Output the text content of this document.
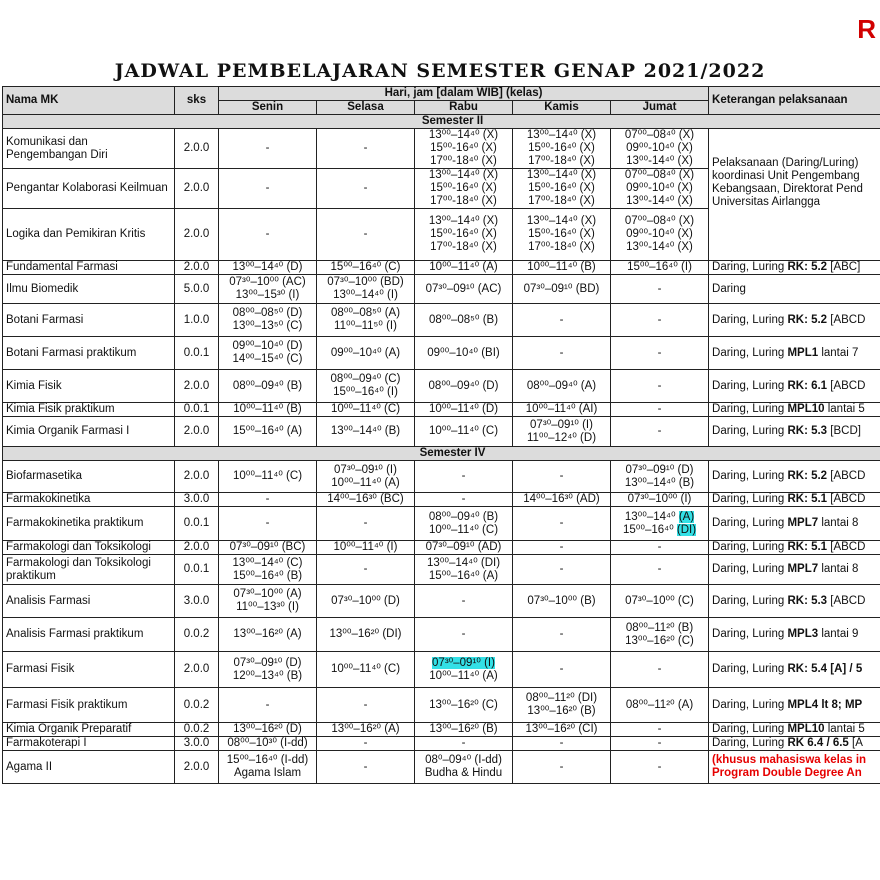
R
JADWAL PEMBELAJARAN SEMESTER GENAP 2021/2022
Nama MK	sks	Hari, jam [dalam WIB] (kelas)					Keterangan pelaksanaan
		Senin	Selasa	Rabu	Kamis	Jumat	
Semester II							
Komunikasi dan Pengembangan Diri	2.0.0	-	-	13⁰⁰–14⁴⁰ (X)
15⁰⁰-16⁴⁰ (X)
17⁰⁰-18⁴⁰ (X)	13⁰⁰–14⁴⁰ (X)
15⁰⁰-16⁴⁰ (X)
17⁰⁰-18⁴⁰ (X)	07⁰⁰–08⁴⁰ (X)
09⁰⁰-10⁴⁰ (X)
13⁰⁰-14⁴⁰ (X)	Pelaksanaan (Daring/Luring) koordinasi Unit Pengembang Kebangsaan, Direktorat Pend Universitas Airlangga
Pengantar Kolaborasi Keilmuan	2.0.0	-	-	13⁰⁰–14⁴⁰ (X)
15⁰⁰-16⁴⁰ (X)
17⁰⁰-18⁴⁰ (X)	13⁰⁰–14⁴⁰ (X)
15⁰⁰-16⁴⁰ (X)
17⁰⁰-18⁴⁰ (X)	07⁰⁰–08⁴⁰ (X)
09⁰⁰-10⁴⁰ (X)
13⁰⁰-14⁴⁰ (X)	

Logika dan Pemikiran Kritis	2.0.0	-	-	13⁰⁰–14⁴⁰ (X)
15⁰⁰-16⁴⁰ (X)
17⁰⁰-18⁴⁰ (X)	13⁰⁰–14⁴⁰ (X)
15⁰⁰-16⁴⁰ (X)
17⁰⁰-18⁴⁰ (X)	07⁰⁰–08⁴⁰ (X)
09⁰⁰-10⁴⁰ (X)
13⁰⁰-14⁴⁰ (X)	

Fundamental Farmasi	2.0.0	13⁰⁰–14⁴⁰ (D)	15⁰⁰–16⁴⁰ (C)	10⁰⁰–11⁴⁰ (A)	10⁰⁰–11⁴⁰ (B)	15⁰⁰–16⁴⁰ (I)	Daring, Luring RK: 5.2 [ABC]
Ilmu Biomedik	5.0.0	07³⁰–10⁰⁰ (AC) 13⁰⁰–15³⁰ (I)	07³⁰–10⁰⁰ (BD) 13⁰⁰–14⁴⁰ (I)	07³⁰–09¹⁰ (AC)	07³⁰–09¹⁰ (BD)	-	Daring
Botani Farmasi	1.0.0	08⁰⁰–08⁵⁰ (D) 13⁰⁰–13⁵⁰ (C)	08⁰⁰–08⁵⁰ (A) 11⁰⁰–11⁵⁰ (I)	08⁰⁰–08⁵⁰ (B)	-	-	Daring, Luring RK: 5.2 [ABCD
Botani Farmasi praktikum	0.0.1	09⁰⁰–10⁴⁰ (D) 14⁰⁰–15⁴⁰ (C)	09⁰⁰–10⁴⁰ (A)	09⁰⁰–10⁴⁰ (BI)	-	-	Daring, Luring MPL1 lantai 7
Kimia Fisik	2.0.0	08⁰⁰–09⁴⁰ (B)	08⁰⁰–09⁴⁰ (C) 15⁰⁰–16⁴⁰ (I)	08⁰⁰–09⁴⁰ (D)	08⁰⁰–09⁴⁰ (A)	-	Daring, Luring RK: 6.1 [ABCD
Kimia Fisik praktikum	0.0.1	10⁰⁰–11⁴⁰ (B)	10⁰⁰–11⁴⁰ (C)	10⁰⁰–11⁴⁰ (D)	10⁰⁰–11⁴⁰ (AI)	-	Daring, Luring MPL10 lantai 5
Kimia Organik Farmasi I	2.0.0	15⁰⁰–16⁴⁰ (A)	13⁰⁰–14⁴⁰ (B)	10⁰⁰–11⁴⁰ (C)	07³⁰–09¹⁰ (I) 11⁰⁰–12⁴⁰ (D)	-	Daring, Luring RK: 5.3 [BCD]
Semester IV							
Biofarmasetika	2.0.0	10⁰⁰–11⁴⁰ (C)	07³⁰–09¹⁰ (I) 10⁰⁰–11⁴⁰ (A)	-	-	07³⁰–09¹⁰ (D) 13⁰⁰–14⁴⁰ (B)	Daring, Luring RK: 5.2 [ABCD
Farmakokinetika	3.0.0	-	14⁰⁰–16³⁰ (BC)	-	14⁰⁰–16³⁰ (AD)	07³⁰–10⁰⁰ (I)	Daring, Luring RK: 5.1 [ABCD
Farmakokinetika praktikum	0.0.1	-	-	08⁰⁰–09⁴⁰ (B) 10⁰⁰–11⁴⁰ (C)	-	13⁰⁰–14⁴⁰ (A)
15⁰⁰–16⁴⁰ (DI)	Daring, Luring MPL7 lantai 8
Farmakologi dan Toksikologi	2.0.0	07³⁰–09¹⁰ (BC)	10⁰⁰–11⁴⁰ (I)	07³⁰–09¹⁰ (AD)	-	-	Daring, Luring RK: 5.1 [ABCD
Farmakologi dan Toksikologi praktikum	0.0.1	13⁰⁰–14⁴⁰ (C) 15⁰⁰–16⁴⁰ (B)	-	13⁰⁰–14⁴⁰ (DI) 15⁰⁰–16⁴⁰ (A)	-	-	Daring, Luring MPL7 lantai 8
Analisis Farmasi	3.0.0	07³⁰–10⁰⁰ (A) 11⁰⁰–13³⁰ (I)	07³⁰–10⁰⁰ (D)	-	07³⁰–10⁰⁰ (B)	07³⁰–10⁰⁰ (C)	Daring, Luring RK: 5.3 [ABCD
Analisis Farmasi praktikum	0.0.2	13⁰⁰–16²⁰ (A)	13⁰⁰–16²⁰ (DI)	-	-	08⁰⁰–11²⁰ (B) 13⁰⁰–16²⁰ (C)	Daring, Luring MPL3 lantai 9
Farmasi Fisik	2.0.0	07³⁰–09¹⁰ (D) 12⁰⁰–13⁴⁰ (B)	10⁰⁰–11⁴⁰ (C)	07³⁰–09¹⁰ (I)
10⁰⁰–11⁴⁰ (A)	-	-	Daring, Luring RK: 5.4 [A] / 5
Farmasi Fisik praktikum	0.0.2	-	-	13⁰⁰–16²⁰ (C)	08⁰⁰–11²⁰ (DI) 13⁰⁰–16²⁰ (B)	08⁰⁰–11²⁰ (A)	Daring, Luring MPL4 lt 8; MP
Kimia Organik Preparatif	0.0.2	13⁰⁰–16²⁰ (D)	13⁰⁰–16²⁰ (A)	13⁰⁰–16²⁰ (B)	13⁰⁰–16²⁰ (CI)	-	Daring, Luring MPL10 lantai 5
Farmakoterapi I	3.0.0	08⁰⁰–10³⁰ (I-dd)	-	-	-	-	Daring, Luring RK 6.4 / 6.5 [A
Agama II	2.0.0	15⁰⁰–16⁴⁰ (I-dd) Agama Islam	-	08⁰–09⁴⁰ (I-dd) Budha & Hindu	-	-	(khusus mahasiswa kelas in Program Double Degree An
